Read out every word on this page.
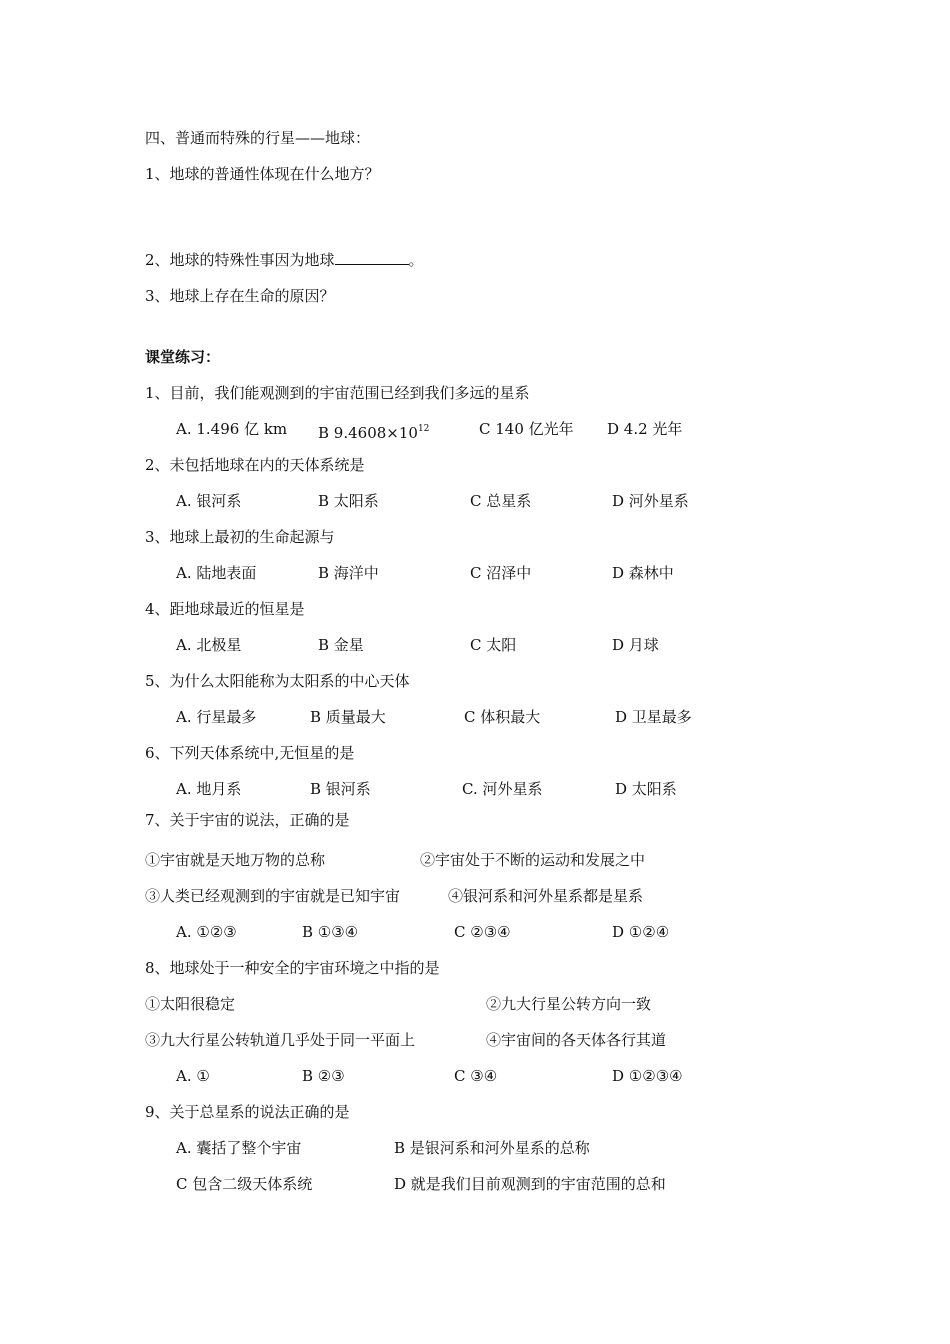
四、普通而特殊的行星——地球：
1、地球的普通性体现在什么地方？
2、地球的特殊性事因为地球	。
3、地球上存在生命的原因？
课堂练习：
1、目前，我们能观测到的宇宙范围已经到我们多远的星系
A. 1.496 亿 km B $9.4608\times 10^{12}$	C 140 亿光年 D 4.2 光年
2、未包括地球在内的天体系统是
A. 银河系	B 太阳系	C 总星系	D 河外星系
3、地球上最初的生命起源与
A. 陆地表面	B 海洋中	C 沼泽中	D 森林中
4、距地球最近的恒星是
A. 北极星	B 金星	C 太阳	D 月球
5、为什么太阳能称为太阳系的中心天体
A. 行星最多	B 质量最大	C 体积最大	D 卫星最多
6、下列天体系统中,无恒星的是
A. 地月系	B 银河系	C. 河外星系	D 太阳系
7、关于宇宙的说法，正确的是
①宇宙就是天地万物的总称	②宇宙处于不断的运动和发展之中
③人类已经观测到的宇宙就是已知宇宙	④银河系和河外星系都是星系
A. ①②③	B ①③④	C ②③④	D ①②④
8、地球处于一种安全的宇宙环境之中指的是
①太阳很稳定	②九大行星公转方向一致
③九大行星公转轨道几乎处于同一平面上	④宇宙间的各天体各行其道
A. ①	B ②③	C ③④	D ①②③④
9、关于总星系的说法正确的是
A. 囊括了整个宇宙	B 是银河系和河外星系的总称
C 包含二级天体系统	D 就是我们目前观测到的宇宙范围的总和
